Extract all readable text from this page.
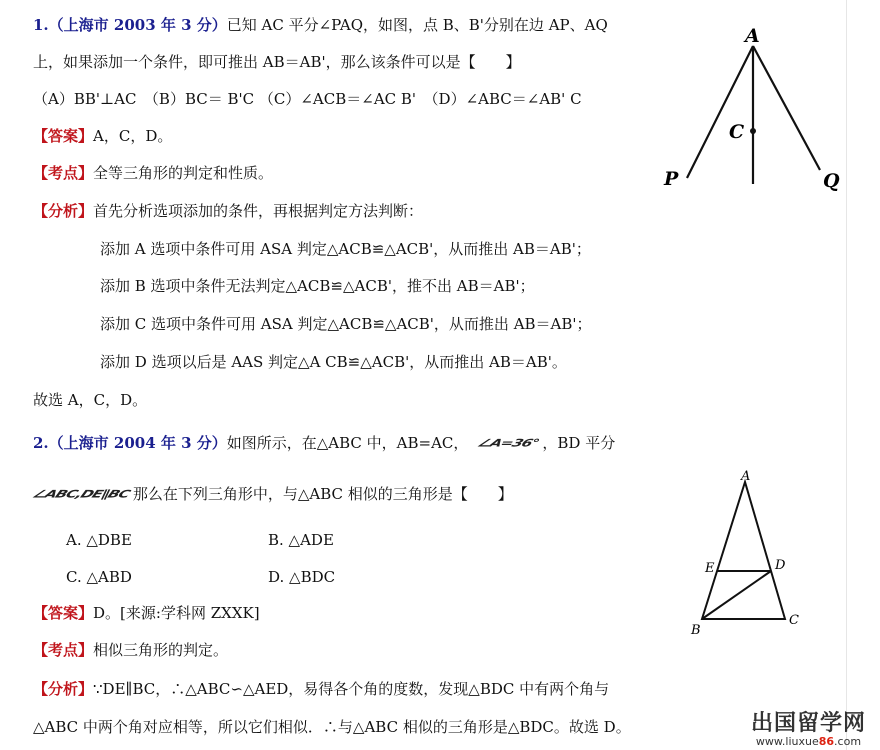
1.（上海市 2003 年 3 分）已知 AC 平分∠PAQ，如图，点 B、B'分别在边 AP、AQ
上，如果添加一个条件，即可推出 AB＝AB'，那么该条件可以是【　　】
（A）BB'⊥AC　（B）BC＝ B'C （C）∠ACB＝∠AC B'　（D）∠ABC＝∠AB' C
【答案】A，C，D。
【考点】全等三角形的判定和性质。
【分析】首先分析选项添加的条件，再根据判定方法判断：
添加 A 选项中条件可用 ASA 判定△ACB≌△ACB'，从而推出 AB＝AB'；
添加 B 选项中条件无法判定△ACB≌△ACB'，推不出 AB＝AB'；
添加 C 选项中条件可用 ASA 判定△ACB≌△ACB'，从而推出 AB＝AB'；
添加 D 选项以后是 AAS 判定△A CB≌△ACB'，从而推出 AB＝AB'。
故选 A，C，D。
A
C
P	Q
2.（上海市 2004 年 3 分）如图所示，在△ABC 中，AB=AC， ∠A=36°，BD 平分
∠ABC,DE∥BC那么在下列三角形中，与△ABC 相似的三角形是【　　】
A. △DBE	B. △ADE
C. △ABD	D. △BDC
【答案】D。[来源:学科网 ZXXK]
【考点】相似三角形的判定。
【分析】∵DE∥BC，∴△ABC∽△AED，易得各个角的度数，发现△BDC 中有两个角与
△ABC 中两个角对应相等，所以它们相似．∴与△ABC 相似的三角形是△BDC。故选 D。
A
E	D
B
C
出国留学网
www.liuxue86.com
